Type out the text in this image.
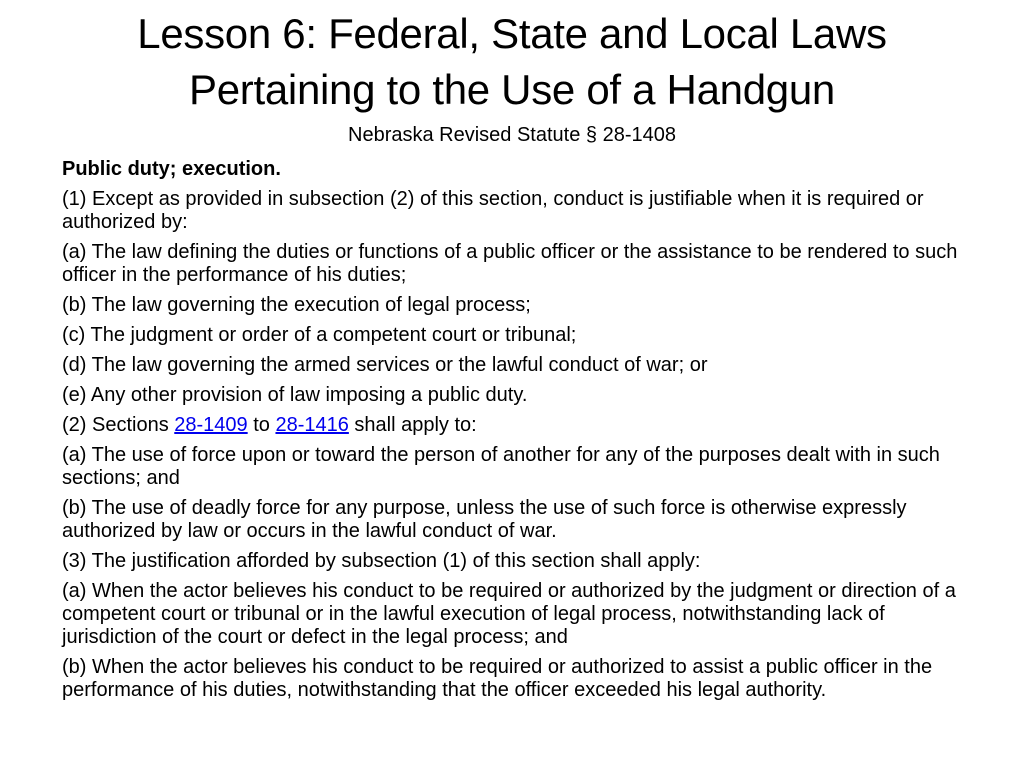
Lesson 6: Federal, State and Local Laws Pertaining to the Use of a Handgun
Nebraska Revised Statute § 28-1408

Public duty; execution.

(1) Except as provided in subsection (2) of this section, conduct is justifiable when it is required or authorized by:

(a) The law defining the duties or functions of a public officer or the assistance to be rendered to such officer in the performance of his duties;

(b) The law governing the execution of legal process;

(c) The judgment or order of a competent court or tribunal;

(d) The law governing the armed services or the lawful conduct of war; or

(e) Any other provision of law imposing a public duty.

(2) Sections 28-1409 to 28-1416 shall apply to:

(a) The use of force upon or toward the person of another for any of the purposes dealt with in such sections; and

(b) The use of deadly force for any purpose, unless the use of such force is otherwise expressly authorized by law or occurs in the lawful conduct of war.

(3) The justification afforded by subsection (1) of this section shall apply:

(a) When the actor believes his conduct to be required or authorized by the judgment or direction of a competent court or tribunal or in the lawful execution of legal process, notwithstanding lack of jurisdiction of the court or defect in the legal process; and

(b) When the actor believes his conduct to be required or authorized to assist a public officer in the performance of his duties, notwithstanding that the officer exceeded his legal authority.
